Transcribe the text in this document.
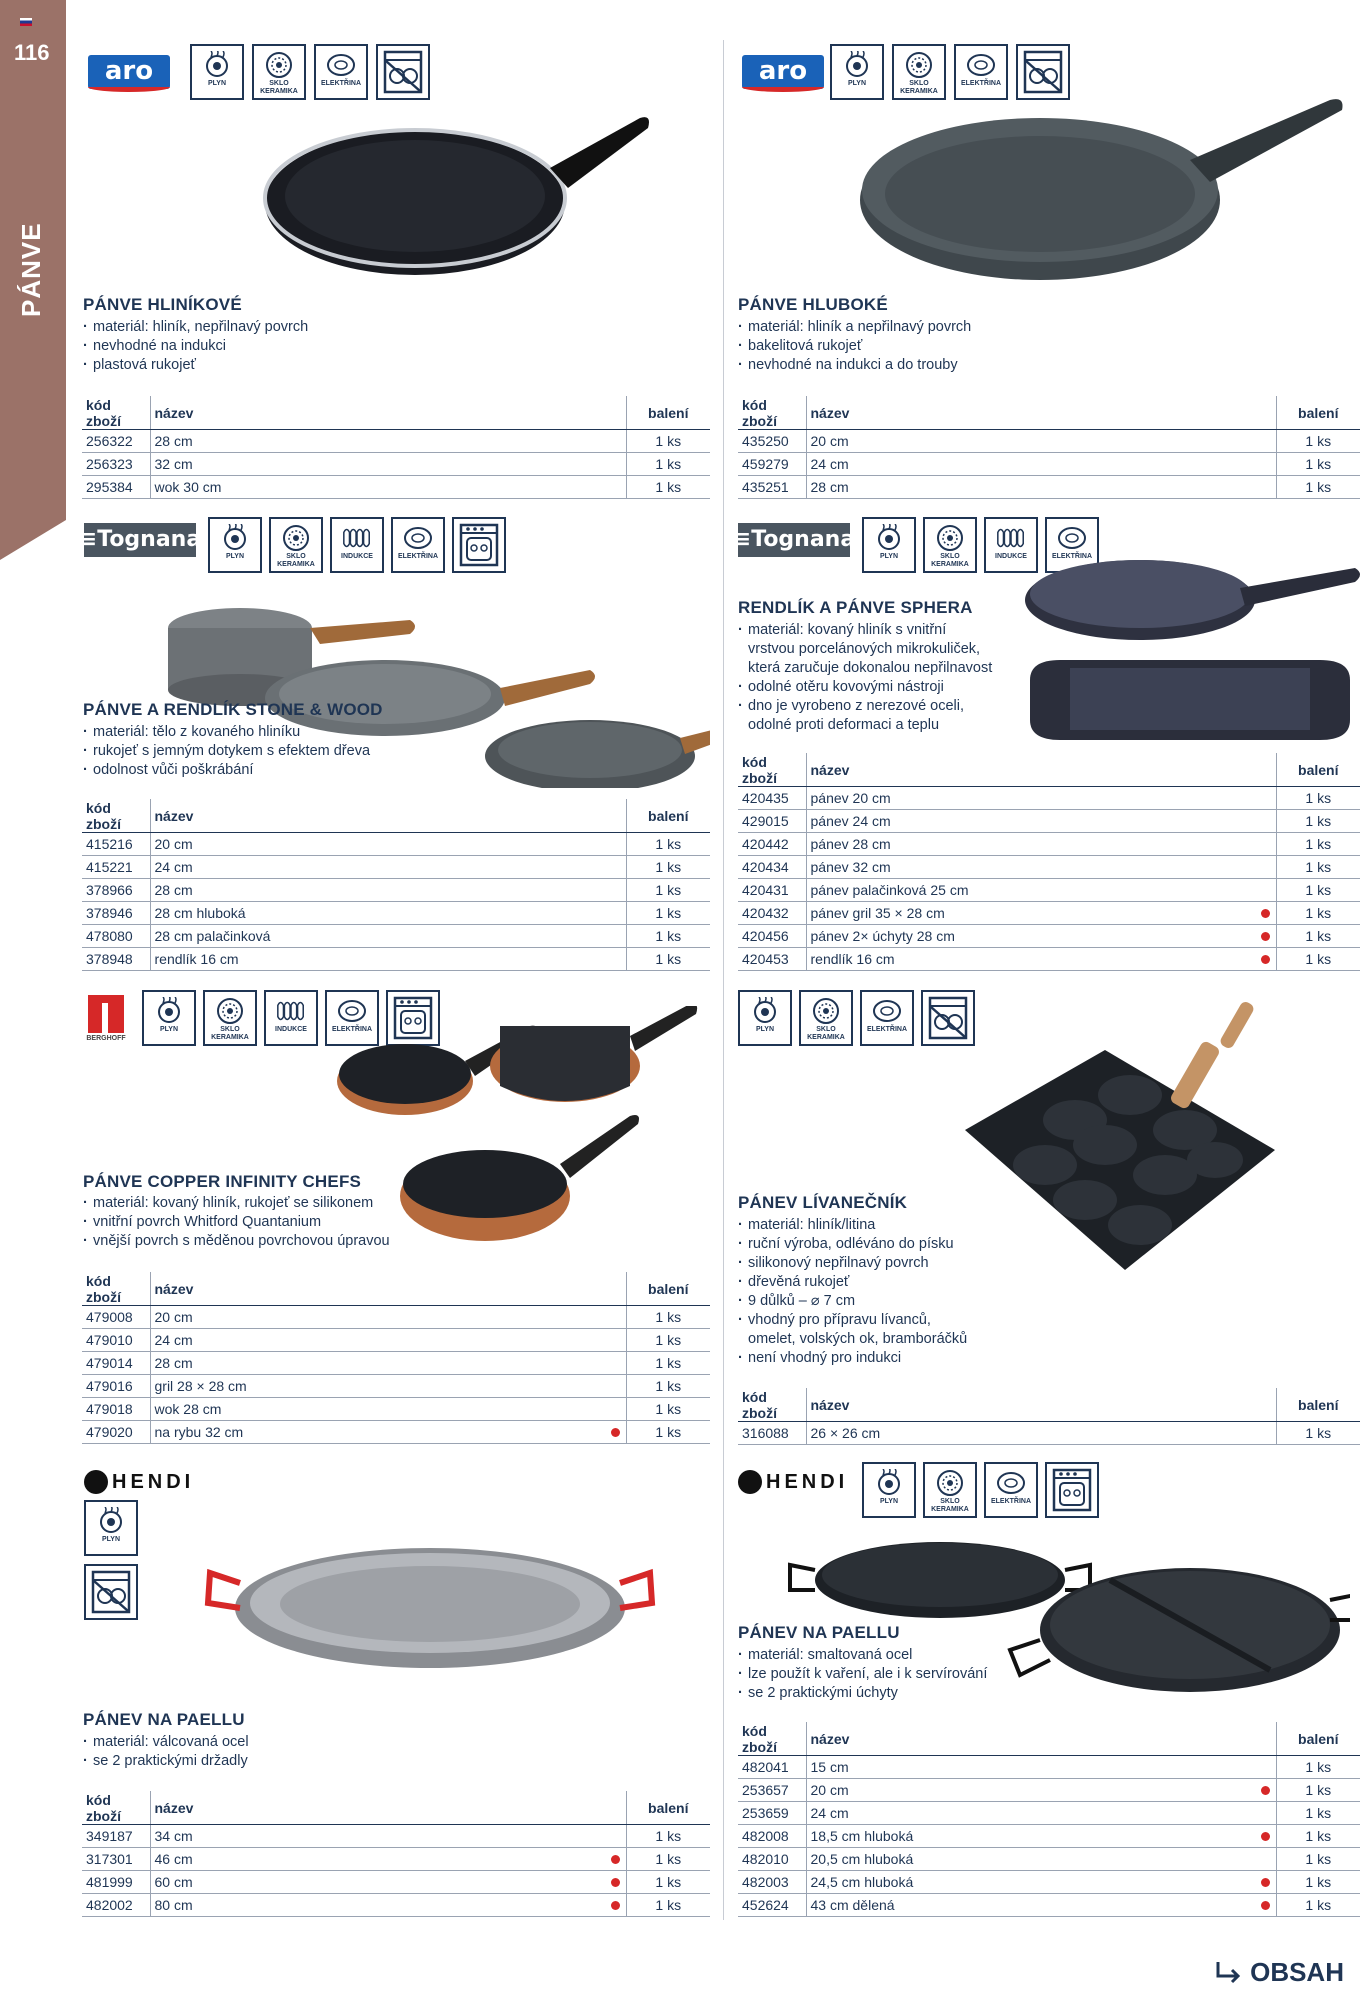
116
PÁNVE
aro	PLYN	SKLO
KERAMIKA
ELEKTŘINA
PÁNVE HLINÍKOVÉ
· materiál: hliník, nepřilnavý povrch
· nevhodné na indukci
· plastová rukojeť
kód zboží	název	balení
256322	28 cm	1 ks
256323	32 cm	1 ks
295384	wok 30 cm	1 ks
aro	PLYN	SKLO
KERAMIKA
ELEKTŘINA
PÁNVE HLUBOKÉ
· materiál: hliník a nepřilnavý povrch
· bakelitová rukojeť
· nevhodné na indukci a do trouby
kód zboží	název	balení
435250	20 cm	1 ks
459279	24 cm	1 ks
435251	28 cm	1 ks
≡Tognana
PLYN	SKLO
KERAMIKA
INDUKCE	ELEKTŘINA
PÁNVE A RENDLÍK STONE & WOOD
· materiál: tělo z kovaného hliníku
· rukojeť s jemným dotykem s efektem dřeva
· odolnost vůči poškrábání
kód zboží	název	balení
415216	20 cm	1 ks
415221	24 cm	1 ks
378966	28 cm	1 ks
378946	28 cm hluboká	1 ks
478080	28 cm palačinková	1 ks
378948	rendlík 16 cm	1 ks
≡Tognana
PLYN	SKLO
KERAMIKA
INDUKCE	ELEKTŘINA
RENDLÍK A PÁNVE SPHERA
· materiál: kovaný hliník s vnitřní
vrstvou porcelánových mikrokuliček,
která zaručuje dokonalou nepřilnavost
· odolné otěru kovovými nástroji
· dno je vyrobeno z nerezové oceli,
odolné proti deformaci a teplu
kód zboží	název	balení
420435	pánev 20 cm	1 ks
429015	pánev 24 cm	1 ks
420442	pánev 28 cm	1 ks
420434	pánev 32 cm	1 ks
420431	pánev palačinková 25 cm	1 ks
420432	pánev gril 35 × 28 cm	1 ks
420456	pánev 2× úchyty 28 cm	1 ks
420453	rendlík 16 cm	1 ks
BERGHOFF
PLYN	SKLO
KERAMIKA
INDUKCE	ELEKTŘINA
PÁNVE COPPER INFINITY CHEFS
· materiál: kovaný hliník, rukojeť se silikonem
· vnitřní povrch Whitford Quantanium
· vnější povrch s měděnou povrchovou úpravou
kód zboží	název	balení
479008	20 cm	1 ks
479010	24 cm	1 ks
479014	28 cm	1 ks
479016	gril 28 × 28 cm	1 ks
479018	wok 28 cm	1 ks
479020	na rybu 32 cm	1 ks
PLYN	SKLO
KERAMIKA
ELEKTŘINA
PÁNEV LÍVANEČNÍK
· materiál: hliník/litina
· ruční výroba, odléváno do písku
· silikonový nepřilnavý povrch
· dřevěná rukojeť
· 9 důlků – ⌀ 7 cm
· vhodný pro přípravu lívanců,
omelet, volských ok, bramboráčků
· není vhodný pro indukci
kód zboží	název	balení
316088	26 × 26 cm	1 ks
HENDI
PLYN
PÁNEV NA PAELLU
· materiál: válcovaná ocel
· se 2 praktickými držadly
kód zboží	název	balení
349187	34 cm	1 ks
317301	46 cm	1 ks
481999	60 cm	1 ks
482002	80 cm	1 ks
HENDI
PLYN	SKLO
KERAMIKA
ELEKTŘINA
PÁNEV NA PAELLU
· materiál: smaltovaná ocel
· lze použít k vaření, ale i k servírování
· se 2 praktickými úchyty
kód zboží	název	balení
482041	15 cm	1 ks
253657	20 cm	1 ks
253659	24 cm	1 ks
482008	18,5 cm hluboká	1 ks
482010	20,5 cm hluboká	1 ks
482003	24,5 cm hluboká	1 ks
452624	43 cm dělená	1 ks
OBSAH
